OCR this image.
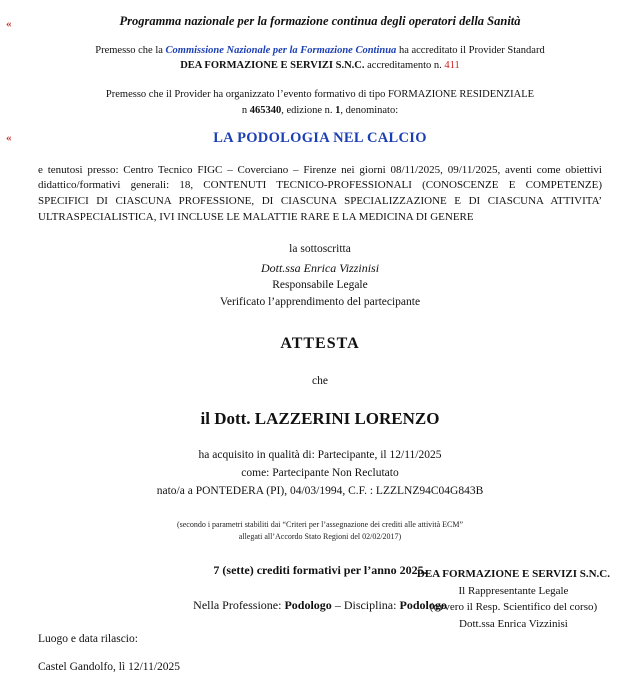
«
«
Programma nazionale per la formazione continua degli operatori della Sanità
Premesso che la Commissione Nazionale per la Formazione Continua ha accreditato il Provider Standard
DEA FORMAZIONE E SERVIZI S.N.C. accreditamento n. 411
Premesso che il Provider ha organizzato l’evento formativo di tipo FORMAZIONE RESIDENZIALE
n 465340, edizione n. 1, denominato:
LA PODOLOGIA NEL CALCIO
e tenutosi presso: Centro Tecnico FIGC – Coverciano – Firenze nei giorni 08/11/2025, 09/11/2025, aventi come obiettivi didattico/formativi generali: 18, CONTENUTI TECNICO-PROFESSIONALI (CONOSCENZE E COMPETENZE) SPECIFICI DI CIASCUNA PROFESSIONE, DI CIASCUNA SPECIALIZZAZIONE E DI CIASCUNA ATTIVITA’ ULTRASPECIALISTICA, IVI INCLUSE LE MALATTIE RARE E LA MEDICINA DI GENERE
la sottoscritta
Dott.ssa Enrica Vizzinisi
Responsabile Legale
Verificato l’apprendimento del partecipante
ATTESTA
che
il Dott. LAZZERINI LORENZO
ha acquisito in qualità di: Partecipante, il 12/11/2025
come: Partecipante Non Reclutato
nato/a a PONTEDERA (PI), 04/03/1994, C.F. : LZZLNZ94C04G843B
(secondo i parametri stabiliti dai “Criteri per l’assegnazione dei crediti alle attività ECM”
allegati all’Accordo Stato Regioni del 02/02/2017)
7 (sette) crediti formativi per l’anno 2025.
Nella Professione: Podologo – Disciplina: Podologo
Luogo e data rilascio:
Castel Gandolfo, lì 12/11/2025
DEA FORMAZIONE E SERVIZI S.N.C.
Il Rappresentante Legale
(ovvero il Resp. Scientifico del corso)
Dott.ssa Enrica Vizzinisi
